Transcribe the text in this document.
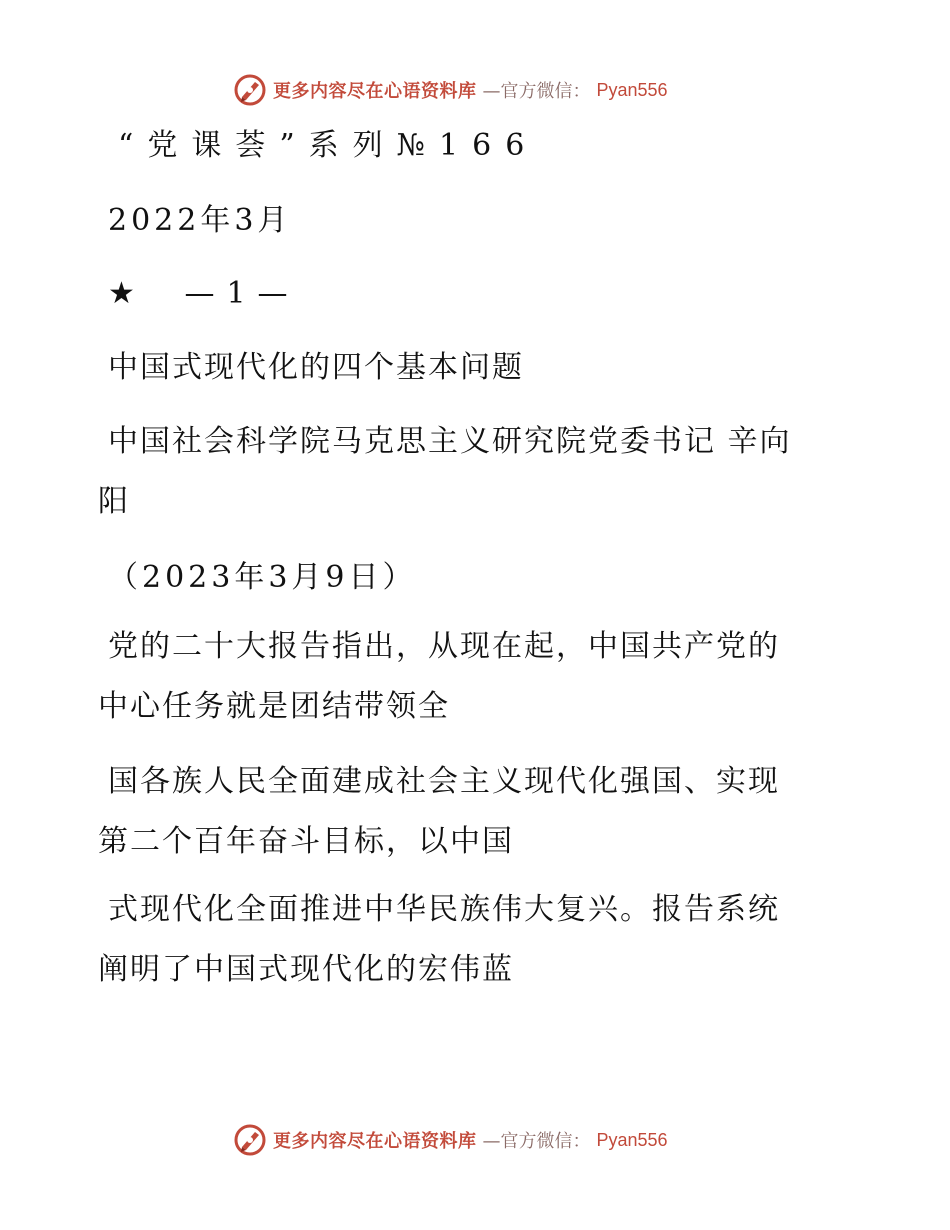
更多内容尽在心语资料库 —官方微信： Pyan556
“党课荟”系列№166
2022年3月
★ —1—
中国式现代化的四个基本问题
中国社会科学院马克思主义研究院党委书记 辛向
阳
（2023年3月9日）
党的二十大报告指出，从现在起，中国共产党的
中心任务就是团结带领全
国各族人民全面建成社会主义现代化强国、实现
第二个百年奋斗目标，以中国
式现代化全面推进中华民族伟大复兴。报告系统
阐明了中国式现代化的宏伟蓝
更多内容尽在心语资料库 —官方微信： Pyan556
